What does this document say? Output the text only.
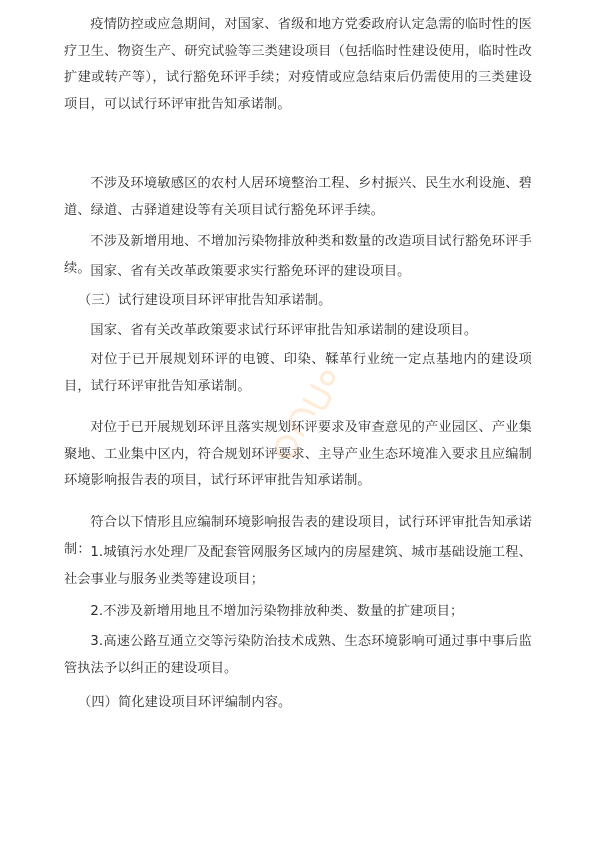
疫情防控或应急期间，对国家、省级和地方党委政府认定急需的临时性的医疗卫生、物资生产、研究试验等三类建设项目（包括临时性建设使用，临时性改扩建或转产等），试行豁免环评手续；对疫情或应急结束后仍需使用的三类建设项目，可以试行环评审批告知承诺制。

不涉及环境敏感区的农村人居环境整治工程、乡村振兴、民生水利设施、碧道、绿道、古驿道建设等有关项目试行豁免环评手续。

不涉及新增用地、不增加污染物排放种类和数量的改造项目试行豁免环评手续。 国家、省有关改革政策要求实行豁免环评的建设项目。

（三）试行建设项目环评审批告知承诺制。

国家、省有关改革政策要求试行环评审批告知承诺制的建设项目。

对位于已开展规划环评的电镀、印染、鞣革行业统一定点基地内的建设项目，试行环评审批告知承诺制。

对位于已开展规划环评且落实规划环评要求及审查意见的产业园区、产业集聚地、工业集中区内，符合规划环评要求、主导产业生态环境准入要求且应编制环境影响报告表的项目，试行环评审批告知承诺制。

符合以下情形且应编制环境影响报告表的建设项目，试行环评审批告知承诺制： 1.城镇污水处理厂及配套管网服务区域内的房屋建筑、城市基础设施工程、社会事业与服务业类等建设项目；

2.不涉及新增用地且不增加污染物排放种类、数量的扩建项目；

3.高速公路互通立交等污染防治技术成熟、生态环境影响可通过事中事后监管执法予以纠正的建设项目。

（四）简化建设项目环评编制内容。
